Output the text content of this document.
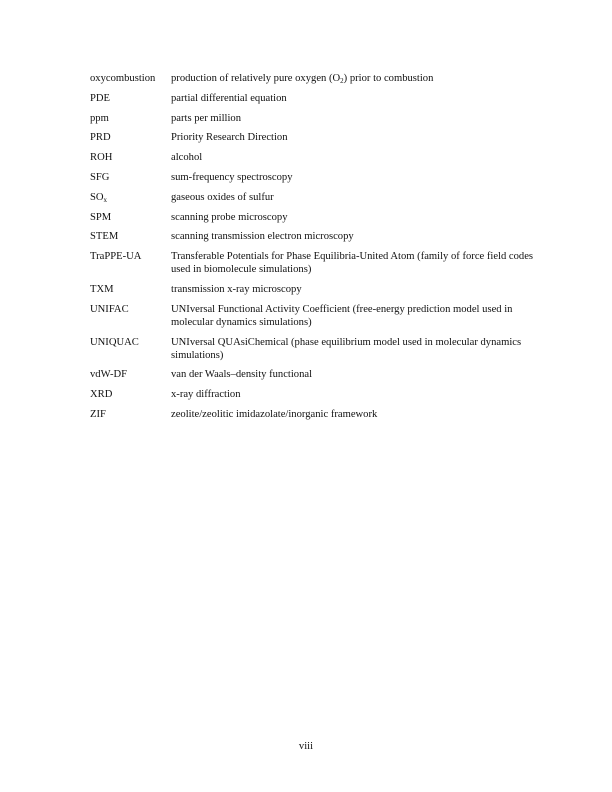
oxycombustion	production of relatively pure oxygen $(O_2)$ prior to combustion
PDE	partial differential equation
ppm	parts per million
PRD	Priority Research Direction
ROH	alcohol
SFG	sum-frequency spectroscopy
$SO_x$	gaseous oxides of sulfur
SPM	scanning probe microscopy
STEM	scanning transmission electron microscopy
TraPPE-UA	Transferable Potentials for Phase Equilibria-United Atom (family of force field codes used in biomolecule simulations)
TXM	transmission x-ray microscopy
UNIFAC	UNIversal Functional Activity Coefficient (free-energy prediction model used in molecular dynamics simulations)
UNIQUAC	UNIversal QUAsiChemical (phase equilibrium model used in molecular dynamics simulations)
vdW-DF	van der Waals–density functional
XRD	x-ray diffraction
ZIF	zeolite/zeolitic imidazolate/inorganic framework
viii
